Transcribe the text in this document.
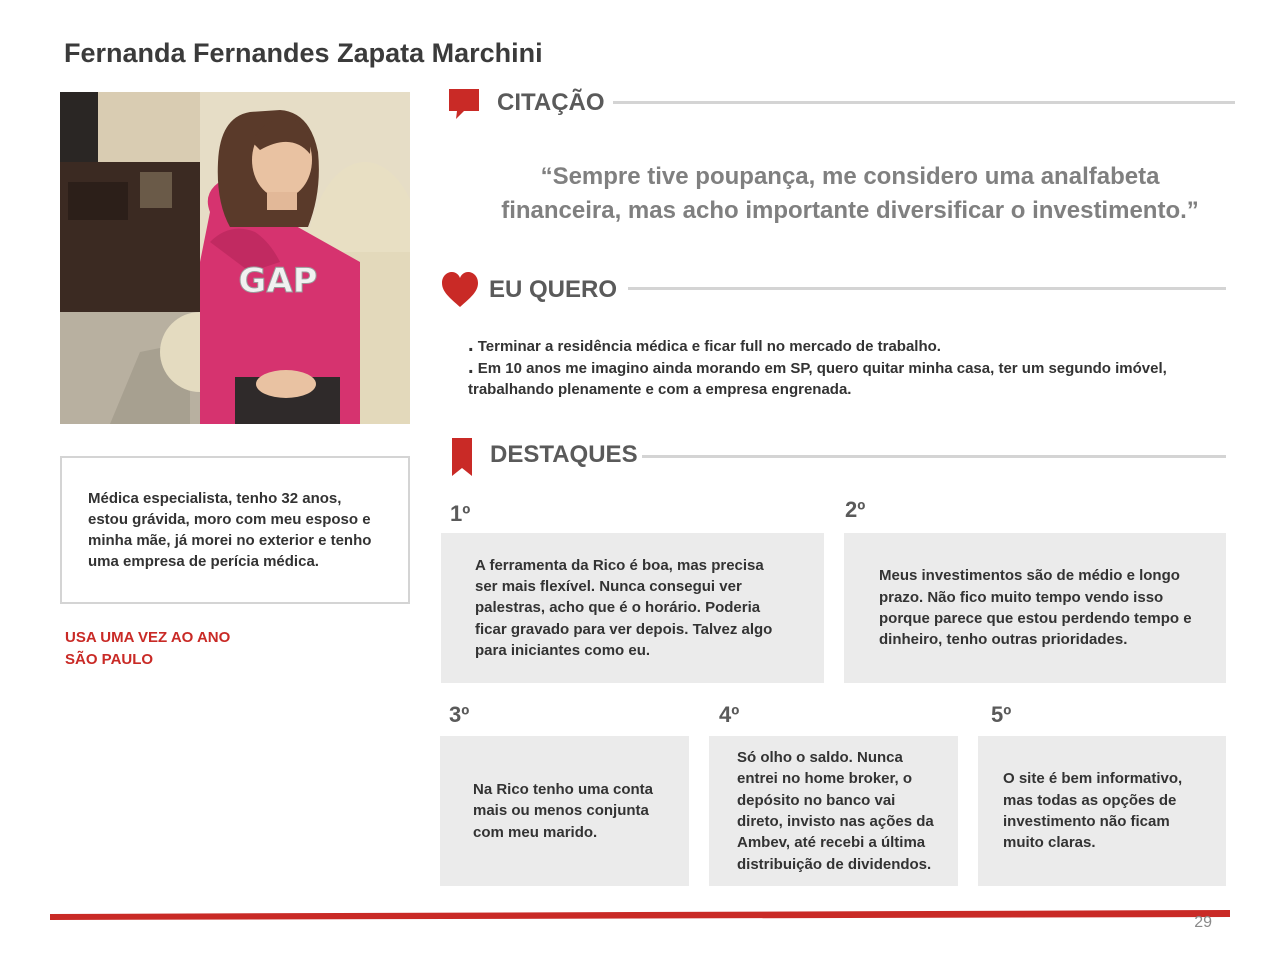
Fernanda Fernandes Zapata Marchini
GAP
Médica especialista, tenho 32 anos, estou grávida, moro com meu esposo e minha mãe, já morei no exterior e tenho uma empresa de perícia médica.
USA UMA VEZ AO ANO
SÃO PAULO
CITAÇÃO
“Sempre tive poupança, me considero uma analfabeta
financeira, mas acho importante diversificar o investimento.”
EU QUERO
. Terminar a residência médica e ficar full no mercado de trabalho.
. Em 10 anos me imagino ainda morando em SP, quero quitar minha casa, ter um segundo imóvel, trabalhando plenamente e com a empresa engrenada.
DESTAQUES
1º
A ferramenta da Rico é boa, mas precisa ser mais flexível. Nunca consegui ver palestras, acho que é o horário. Poderia ficar gravado para ver depois. Talvez algo para iniciantes como eu.
2º
Meus investimentos são de médio e longo prazo. Não fico muito tempo vendo isso porque parece que estou perdendo tempo e dinheiro, tenho outras prioridades.
3º
Na Rico tenho uma conta mais ou menos conjunta com meu marido.
4º
Só olho o saldo. Nunca entrei no home broker, o depósito no banco vai direto, invisto nas ações da Ambev, até recebi a última distribuição de dividendos.
5º
O site é bem informativo, mas todas as opções de investimento não ficam muito claras.
29
